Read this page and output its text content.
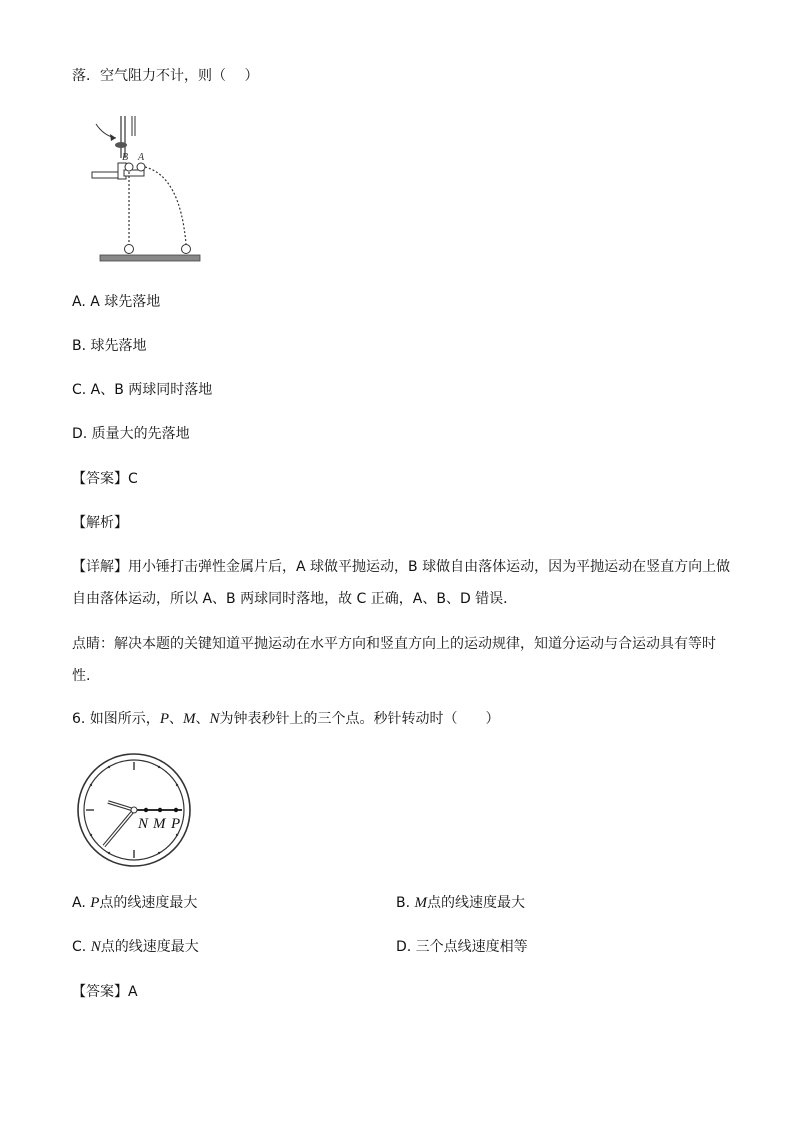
落．空气阻力不计，则（　 ）
B A
A. A 球先落地
B. 球先落地
C. A、B 两球同时落地
D. 质量大的先落地
【答案】C
【解析】
【详解】用小锤打击弹性金属片后，A 球做平抛运动，B 球做自由落体运动，因为平抛运动在竖直方向上做
自由落体运动，所以 A、B 两球同时落地，故 C 正确，A、B、D 错误．
点睛：解决本题的关键知道平抛运动在水平方向和竖直方向上的运动规律，知道分运动与合运动具有等时
性.
6. 如图所示，P、M、N为钟表秒针上的三个点。秒针转动时（　　）
N M P
A. P点的线速度最大	B. M点的线速度最大
C. N点的线速度最大	D. 三个点线速度相等
【答案】A
